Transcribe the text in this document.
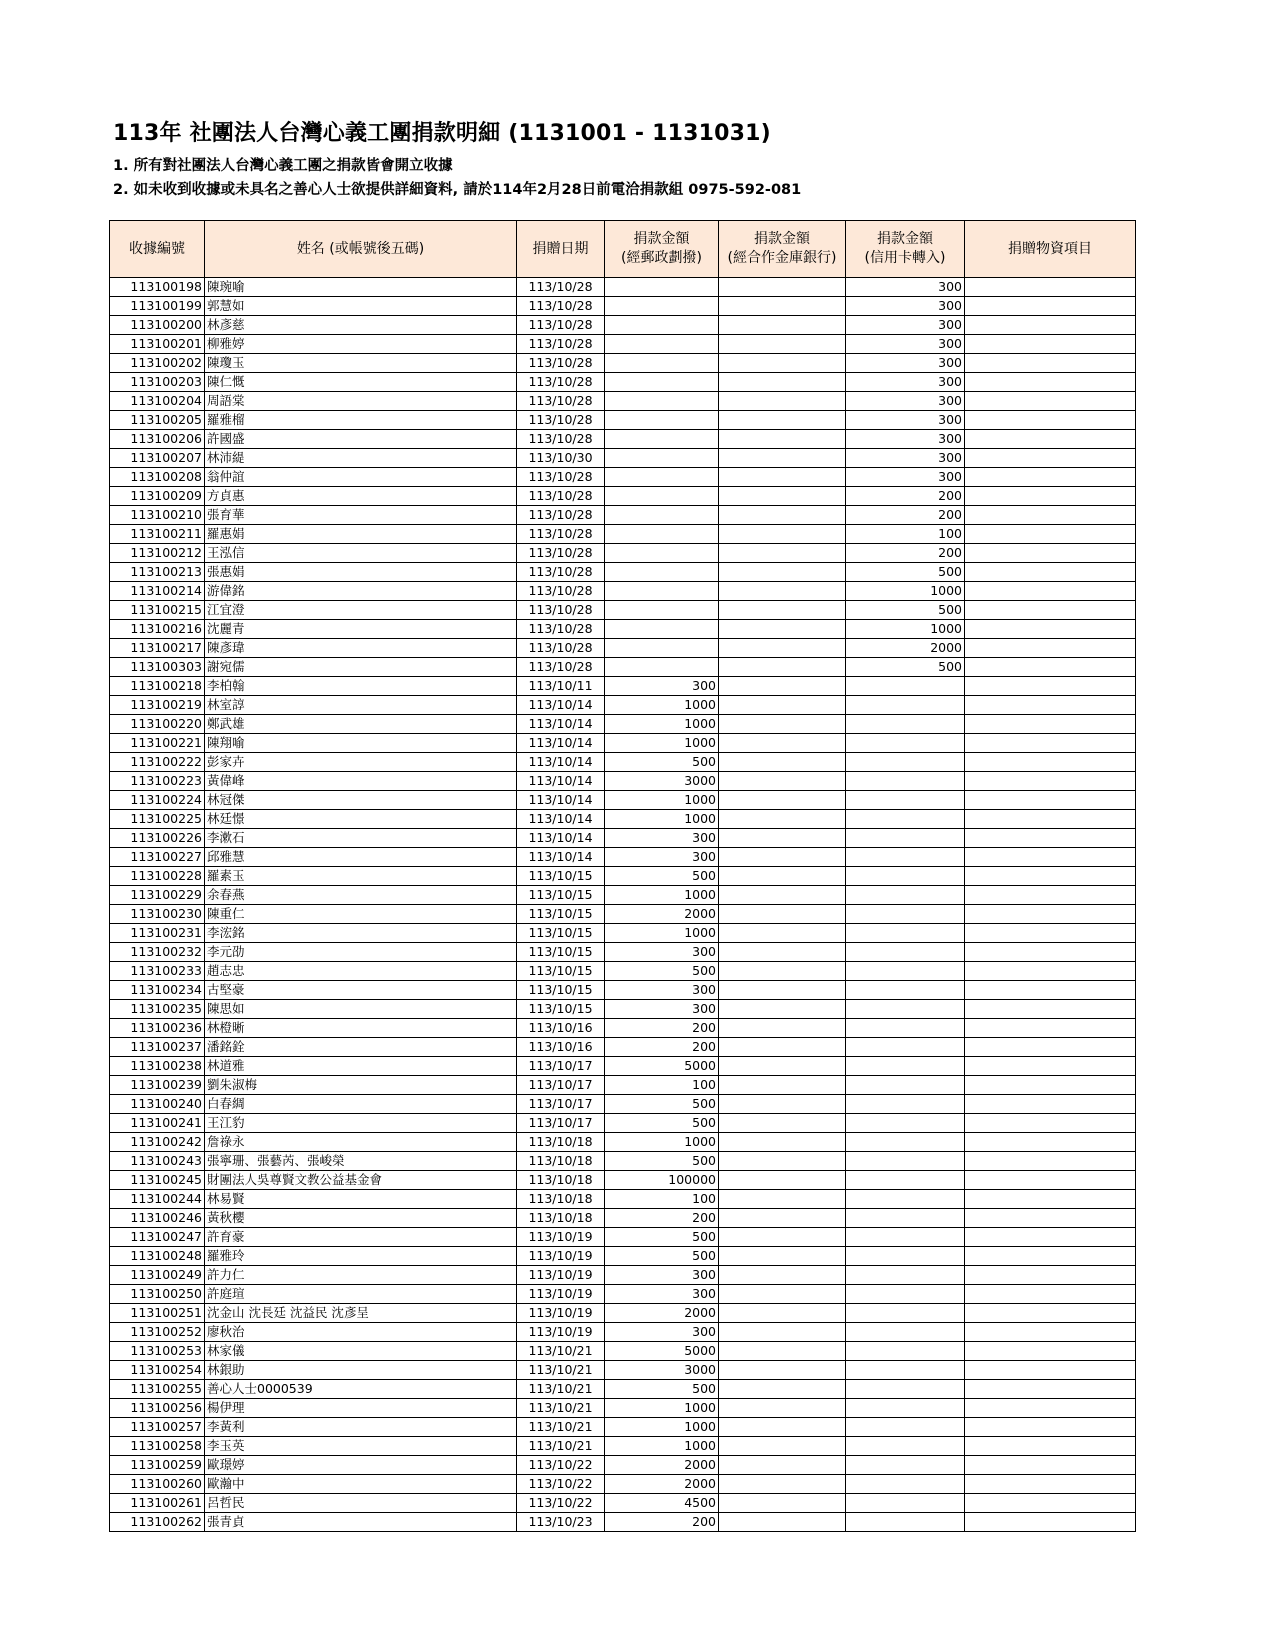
113年 社團法人台灣心義工團捐款明細 (1131001 - 1131031)
1. 所有對社團法人台灣心義工團之捐款皆會開立收據
2. 如未收到收據或未具名之善心人士欲提供詳細資料, 請於114年2月28日前電洽捐款組 0975-592-081
收據編號	姓名 (或帳號後五碼)	捐贈日期	捐款金額
(經郵政劃撥)	捐款金額
(經合作金庫銀行)	捐款金額
(信用卡轉入)	捐贈物資項目
113100198	陳琬喻	113/10/28			300	
113100199	郭慧如	113/10/28			300	
113100200	林彥慈	113/10/28			300	
113100201	柳雅婷	113/10/28			300	
113100202	陳瓊玉	113/10/28			300	
113100203	陳仁慨	113/10/28			300	
113100204	周語棠	113/10/28			300	
113100205	羅雅榴	113/10/28			300	
113100206	許國盛	113/10/28			300	
113100207	林沛緹	113/10/30			300	
113100208	翁仲誼	113/10/28			300	
113100209	方貞惠	113/10/28			200	
113100210	張育華	113/10/28			200	
113100211	羅惠娟	113/10/28			100	
113100212	王泓信	113/10/28			200	
113100213	張惠娟	113/10/28			500	
113100214	游偉銘	113/10/28			1000	
113100215	江宜澄	113/10/28			500	
113100216	沈麗青	113/10/28			1000	
113100217	陳彥瑋	113/10/28			2000	
113100303	謝宛儒	113/10/28			500	
113100218	李柏翰	113/10/11	300			
113100219	林室諄	113/10/14	1000			
113100220	鄭武雄	113/10/14	1000			
113100221	陳翔喻	113/10/14	1000			
113100222	彭家卉	113/10/14	500			
113100223	黃偉峰	113/10/14	3000			
113100224	林冠傑	113/10/14	1000			
113100225	林廷憬	113/10/14	1000			
113100226	李漱石	113/10/14	300			
113100227	邱雅慧	113/10/14	300			
113100228	羅素玉	113/10/15	500			
113100229	余春燕	113/10/15	1000			
113100230	陳重仁	113/10/15	2000			
113100231	李浤銘	113/10/15	1000			
113100232	李元劭	113/10/15	300			
113100233	趙志忠	113/10/15	500			
113100234	古堅豪	113/10/15	300			
113100235	陳思如	113/10/15	300			
113100236	林橙晰	113/10/16	200			
113100237	潘銘銓	113/10/16	200			
113100238	林道雅	113/10/17	5000			
113100239	劉朱淑梅	113/10/17	100			
113100240	白春綢	113/10/17	500			
113100241	王江豹	113/10/17	500			
113100242	詹祿永	113/10/18	1000			
113100243	張寧珊、張藝芮、張峻榮	113/10/18	500			
113100245	財團法人吳尊賢文教公益基金會	113/10/18	100000			
113100244	林易賢	113/10/18	100			
113100246	黃秋櫻	113/10/18	200			
113100247	許育豪	113/10/19	500			
113100248	羅雅玲	113/10/19	500			
113100249	許力仁	113/10/19	300			
113100250	許庭瑄	113/10/19	300			
113100251	沈金山 沈長廷 沈益民 沈彥呈	113/10/19	2000			
113100252	廖秋治	113/10/19	300			
113100253	林家儀	113/10/21	5000			
113100254	林銀助	113/10/21	3000			
113100255	善心人士0000539	113/10/21	500			
113100256	楊伊理	113/10/21	1000			
113100257	李黃利	113/10/21	1000			
113100258	李玉英	113/10/21	1000			
113100259	歐璟婷	113/10/22	2000			
113100260	歐瀚中	113/10/22	2000			
113100261	呂哲民	113/10/22	4500			
113100262	張青貞	113/10/23	200			
